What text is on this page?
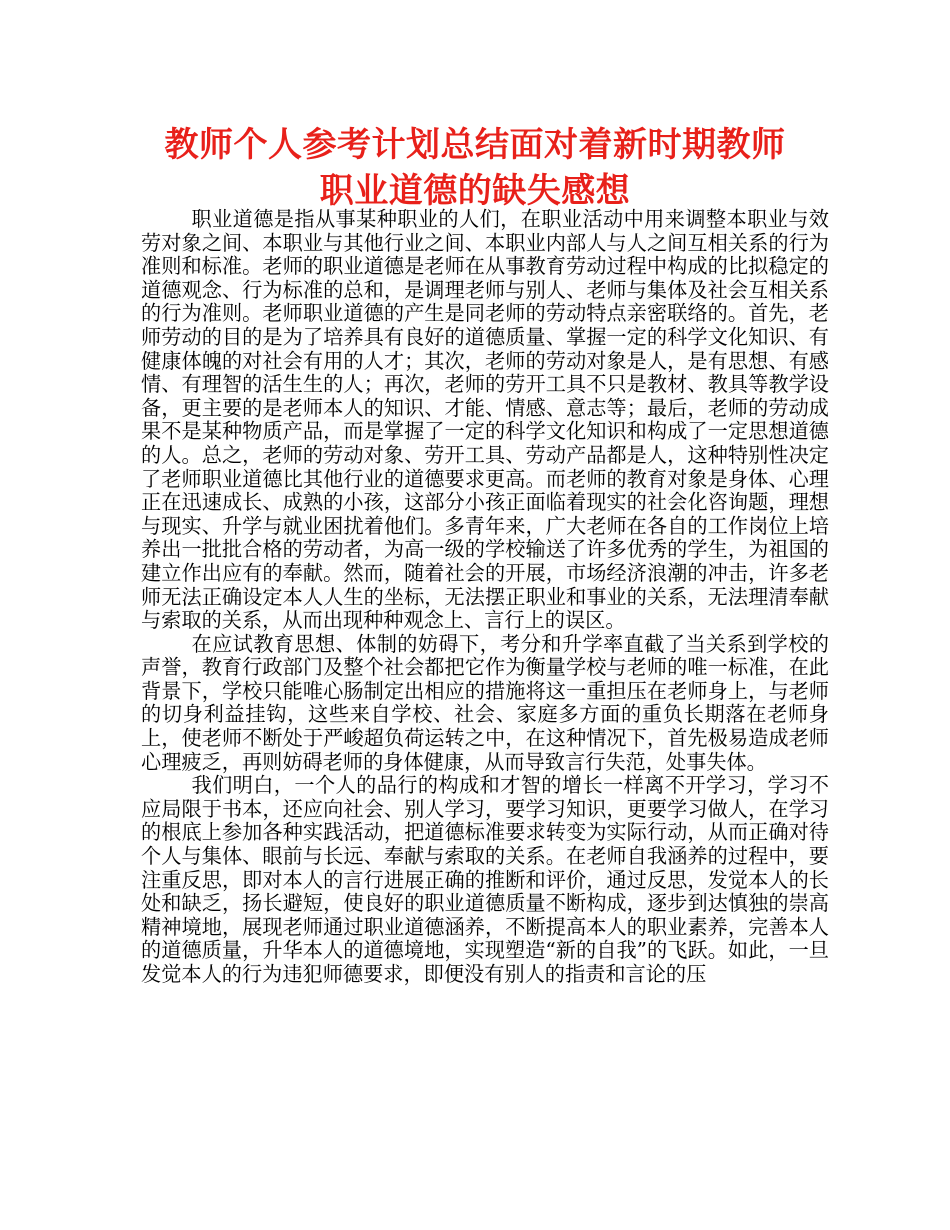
教师个人参考计划总结面对着新时期教师
职业道德的缺失感想

职业道德是指从事某种职业的人们，在职业活动中用来调整本职业与效劳对象之间、本职业与其他行业之间、本职业内部人与人之间互相关系的行为准则和标准。老师的职业道德是老师在从事教育劳动过程中构成的比拟稳定的道德观念、行为标准的总和，是调理老师与别人、老师与集体及社会互相关系的行为准则。老师职业道德的产生是同老师的劳动特点亲密联络的。首先，老师劳动的目的是为了培养具有良好的道德质量、掌握一定的科学文化知识、有健康体魄的对社会有用的人才；其次，老师的劳动对象是人，是有思想、有感情、有理智的活生生的人；再次，老师的劳开工具不只是教材、教具等教学设备，更主要的是老师本人的知识、才能、情感、意志等；最后，老师的劳动成果不是某种物质产品，而是掌握了一定的科学文化知识和构成了一定思想道德的人。总之，老师的劳动对象、劳开工具、劳动产品都是人，这种特别性决定了老师职业道德比其他行业的道德要求更高。而老师的教育对象是身体、心理正在迅速成长、成熟的小孩，这部分小孩正面临着现实的社会化咨询题，理想与现实、升学与就业困扰着他们。多青年来，广大老师在各自的工作岗位上培养出一批批合格的劳动者，为高一级的学校输送了许多优秀的学生，为祖国的建立作出应有的奉献。然而，随着社会的开展，市场经济浪潮的冲击，许多老师无法正确设定本人人生的坐标，无法摆正职业和事业的关系，无法理清奉献与索取的关系，从而出现种种观念上、言行上的误区。

在应试教育思想、体制的妨碍下，考分和升学率直截了当关系到学校的声誉，教育行政部门及整个社会都把它作为衡量学校与老师的唯一标准，在此背景下，学校只能唯心肠制定出相应的措施将这一重担压在老师身上，与老师的切身利益挂钩，这些来自学校、社会、家庭多方面的重负长期落在老师身上，使老师不断处于严峻超负荷运转之中，在这种情况下，首先极易造成老师心理疲乏，再则妨碍老师的身体健康，从而导致言行失范，处事失体。

我们明白，一个人的品行的构成和才智的增长一样离不开学习，学习不应局限于书本，还应向社会、别人学习，要学习知识，更要学习做人，在学习的根底上参加各种实践活动，把道德标准要求转变为实际行动，从而正确对待个人与集体、眼前与长远、奉献与索取的关系。在老师自我涵养的过程中，要注重反思，即对本人的言行进展正确的推断和评价，通过反思，发觉本人的长处和缺乏，扬长避短，使良好的职业道德质量不断构成，逐步到达慎独的崇高精神境地，展现老师通过职业道德涵养，不断提高本人的职业素养，完善本人的道德质量，升华本人的道德境地，实现塑造“新的自我”的飞跃。如此，一旦发觉本人的行为违犯师德要求，即便没有别人的指责和言论的压
